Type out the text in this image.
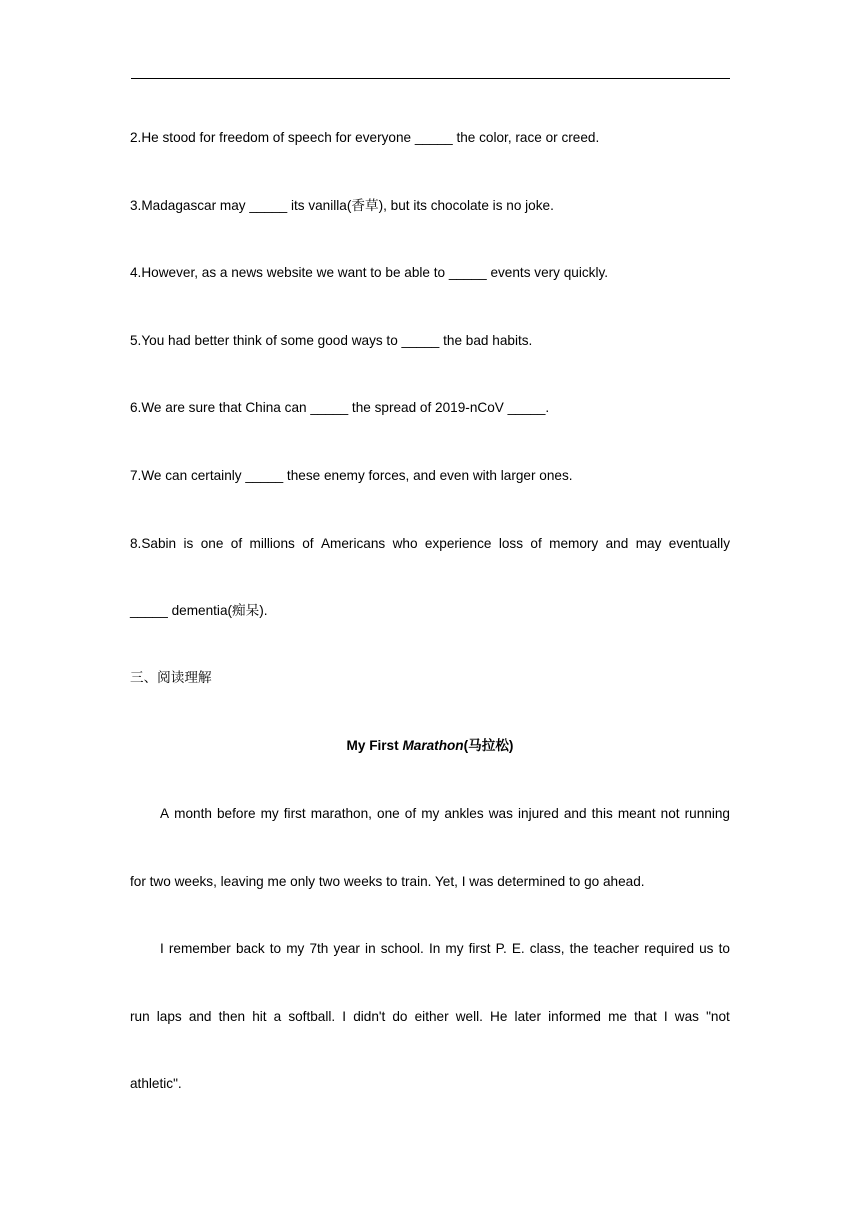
2.He stood for freedom of speech for everyone _____ the color, race or creed.
3.Madagascar may _____ its vanilla(香草), but its chocolate is no joke.
4.However, as a news website we want to be able to _____ events very quickly.
5.You had better think of some good ways to _____ the bad habits.
6.We are sure that China can _____ the spread of 2019-nCoV _____.
7.We can certainly _____ these enemy forces, and even with larger ones.
8.Sabin is one of millions of Americans who experience loss of memory and may eventually
_____ dementia(痴呆).
三、阅读理解
My First Marathon(马拉松)
A month before my first marathon, one of my ankles was injured and this meant not running
for two weeks, leaving me only two weeks to train. Yet, I was determined to go ahead.
I remember back to my 7th year in school. In my first P. E. class, the teacher required us to
run laps and then hit a softball. I didn't do either well. He later informed me that I was "not
athletic".
